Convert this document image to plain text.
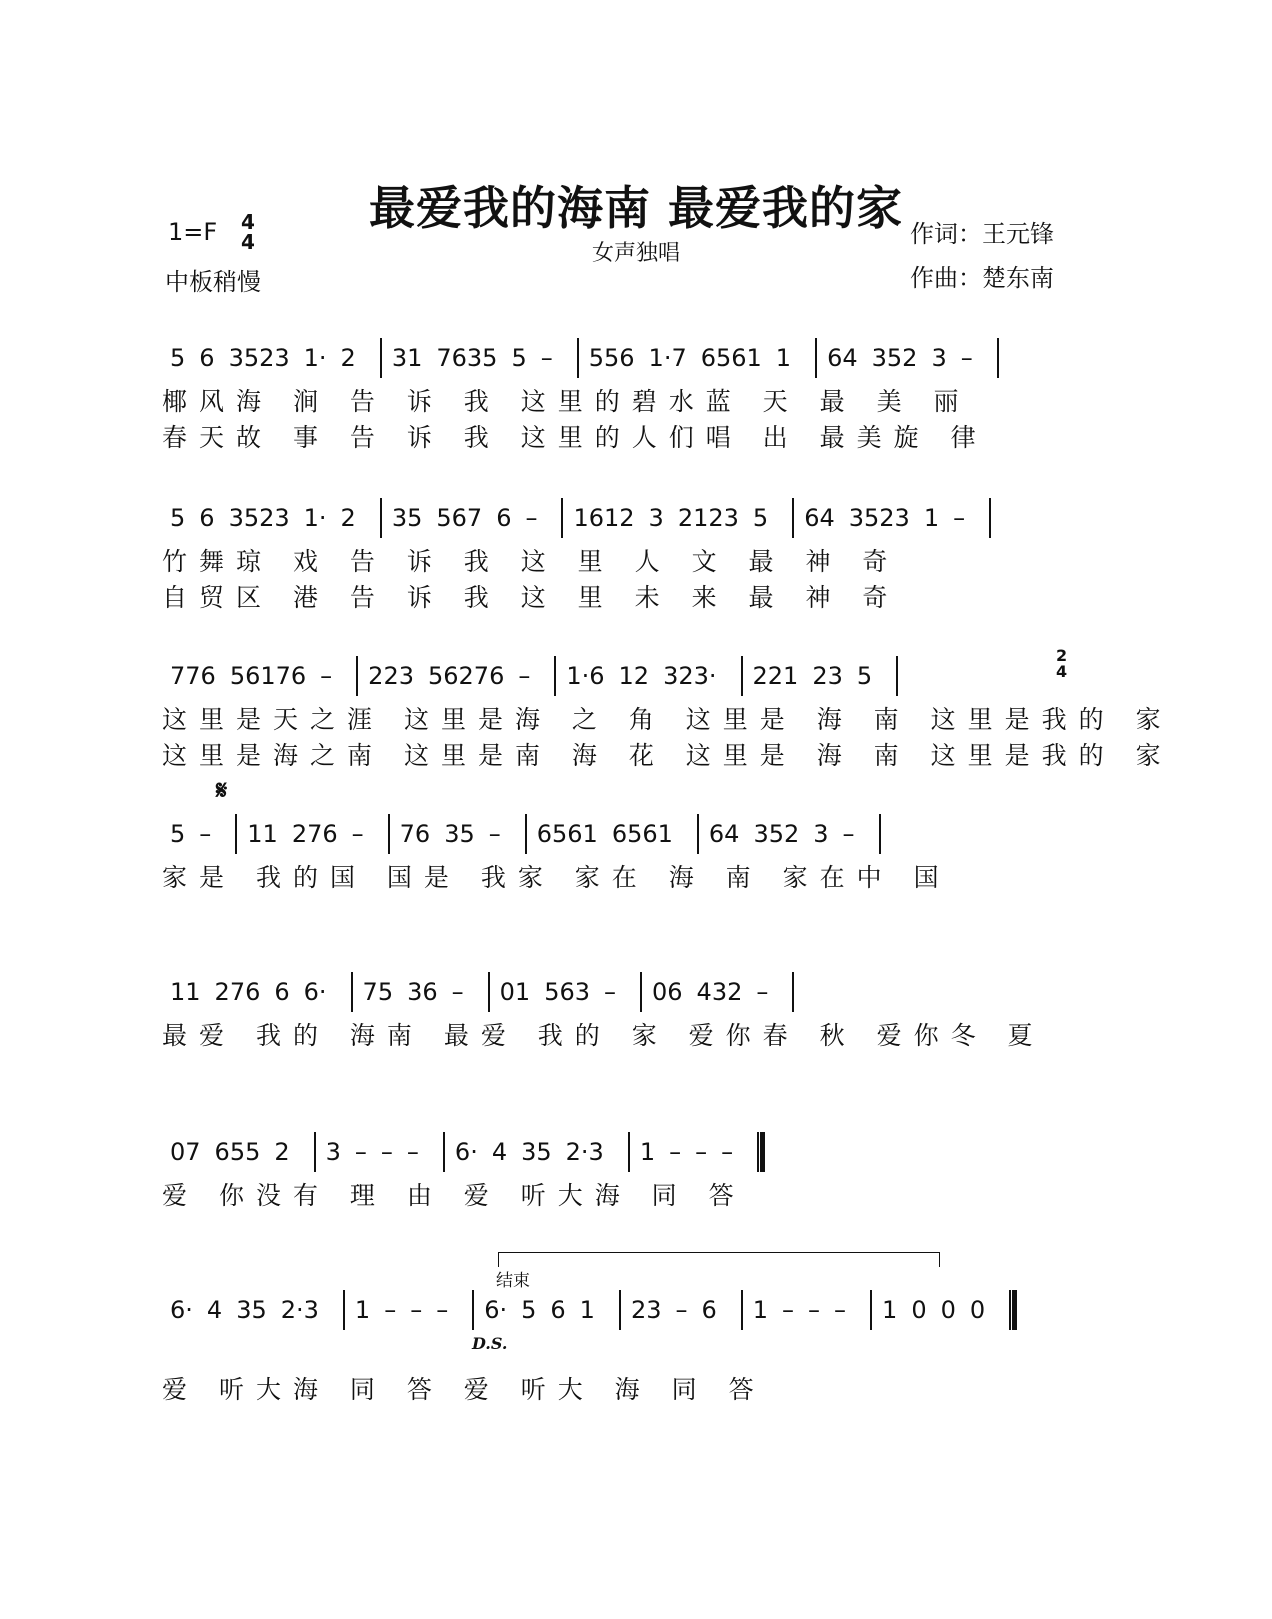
最爱我的海南 最爱我的家
女声独唱
1=F 4
4
中板稍慢
作词：王元锋
作曲：楚东南
5 6 3523 1· 2 31 7635 5 – 556 1·7 6561 1 64 352 3 –
椰风海 涧 告 诉 我 这里的碧水蓝 天 最 美 丽
春天故 事 告 诉 我 这里的人们唱 出 最美旋 律
5 6 3523 1· 2 35 567 6 – 1612 3 2123 5 64 3523 1 –
竹舞琼 戏 告 诉 我 这 里 人 文 最 神 奇
自贸区 港 告 诉 我 这 里 未 来 最 神 奇
776 56176 – 223 56276 – 1·6 12 323· 221 23 5
这里是天之涯 这里是海 之 角 这里是 海 南 这里是我的 家
这里是海之南 这里是南 海 花 这里是 海 南 这里是我的 家
5 – 11 276 – 76 35 – 6561 6561 64 352 3 –
家是 我的国 国是 我家 家在 海 南 家在中 国
11 276 6 6· 75 36 – 01 563 – 06 432 –
最爱 我的 海南 最爱 我的 家 爱你春 秋 爱你冬 夏
07 655 2 3 – – – 6· 4 35 2·3 1 – – –
爱 你没有 理 由 爱 听大海 同 答
6· 4 35 2·3 1 – – – 6· 5 6 1 23 – 6 1 – – – 1 0 0 0
爱 听大海 同 答 爱 听大 海 同 答
𝄋
结束
D.S.
2
4
